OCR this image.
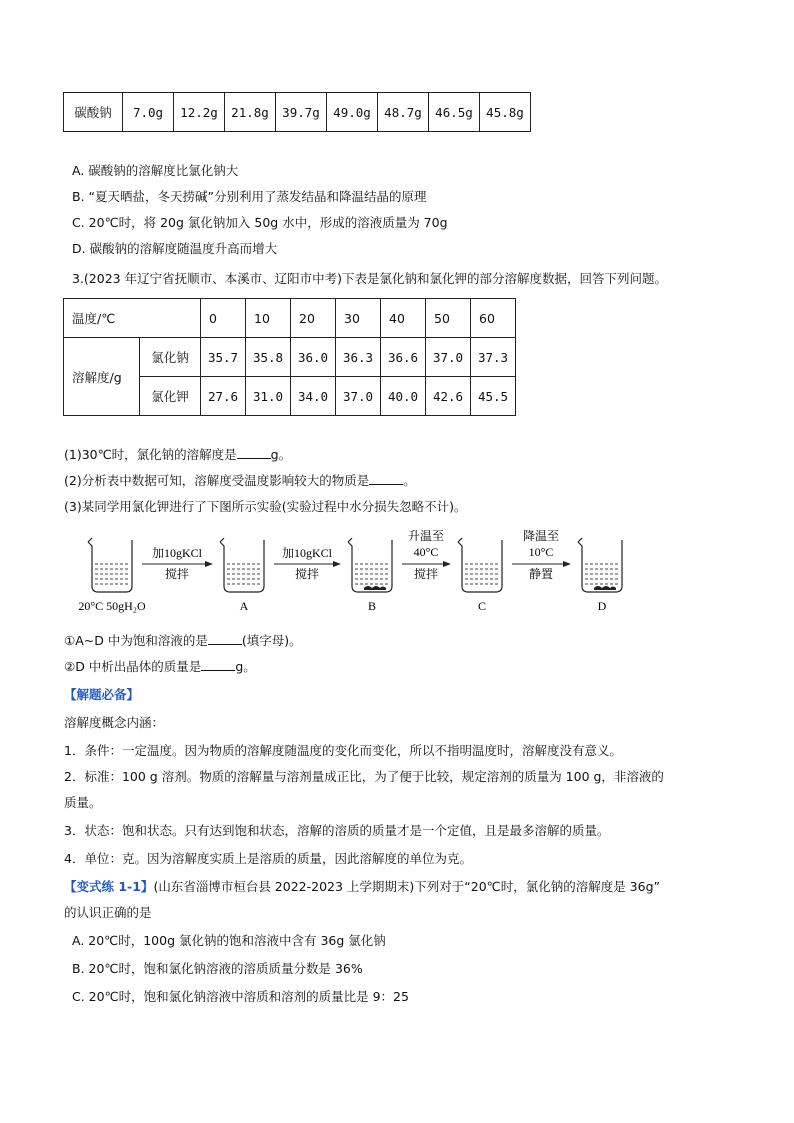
碳酸钠	7.0g	12.2g	21.8g	39.7g	49.0g	48.7g	46.5g	45.8g
A. 碳酸钠的溶解度比氯化钠大
B. “夏天晒盐，冬天捞碱”分别利用了蒸发结晶和降温结晶的原理
C. 20℃时，将 20g 氯化钠加入 50g 水中，形成的溶液质量为 70g
D. 碳酸钠的溶解度随温度升高而增大
3.(2023 年辽宁省抚顺市、本溪市、辽阳市中考)下表是氯化钠和氯化钾的部分溶解度数据，回答下列问题。
温度/℃		0	10	20	30	40	50	60
溶解度/g	氯化钠	35.7	35.8	36.0	36.3	36.6	37.0	37.3
	氯化钾	27.6	31.0	34.0	37.0	40.0	42.6	45.5
(1)30℃时，氯化钠的溶解度是	g。
(2)分析表中数据可知，溶解度受温度影响较大的物质是	。
(3)某同学用氯化钾进行了下图所示实验(实验过程中水分损失忽略不计)。
加10gKCl
搅拌
加10gKCl
搅拌
升温至
40°C
搅拌
降温至
10°C
静置
20°C 50gH₂O	A	B	C	D
①A~D 中为饱和溶液的是	(填字母)。
②D 中析出晶体的质量是	g。
【解题必备】
溶解度概念内涵：
1．条件：一定温度。因为物质的溶解度随温度的变化而变化，所以不指明温度时，溶解度没有意义。
2．标准：100 g 溶剂。物质的溶解量与溶剂量成正比，为了便于比较，规定溶剂的质量为 100 g，非溶液的
质量。
3．状态：饱和状态。只有达到饱和状态，溶解的溶质的质量才是一个定值，且是最多溶解的质量。
4．单位：克。因为溶解度实质上是溶质的质量，因此溶解度的单位为克。
【变式练 1-1】(山东省淄博市桓台县 2022-2023 上学期期末)下列对于“20℃时，氯化钠的溶解度是 36g”
的认识正确的是
A. 20℃时，100g 氯化钠的饱和溶液中含有 36g 氯化钠
B. 20℃时，饱和氯化钠溶液的溶质质量分数是 36%
C. 20℃时，饱和氯化钠溶液中溶质和溶剂的质量比是 9：25
